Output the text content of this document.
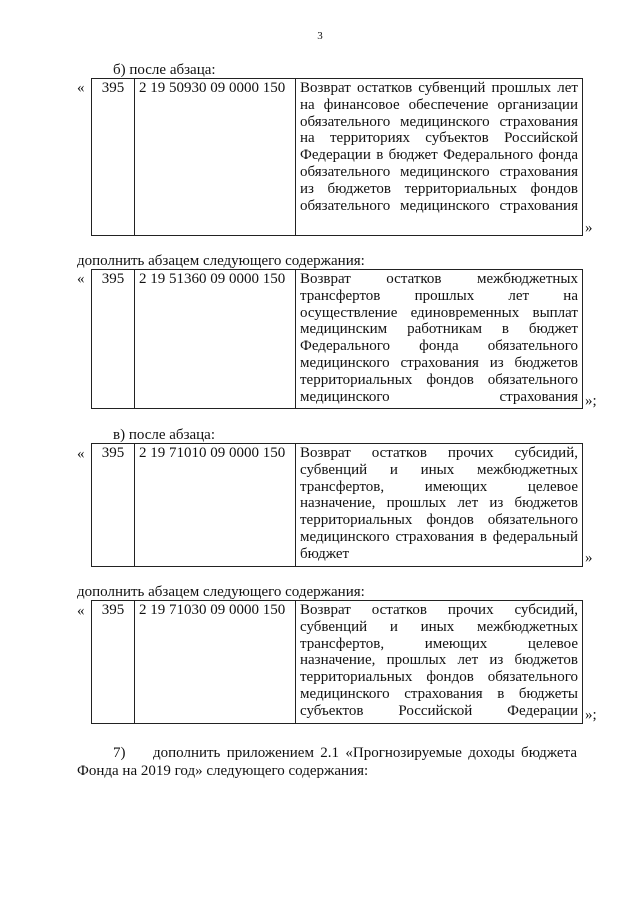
3
б) после абзаца:
« 395	2 19 50930 09 0000 150	Возврат остатков субвенций прошлых лет на финансовое обеспечение организации обязательного медицинского страхования на территориях субъектов Российской Федерации в бюджет Федерального фонда обязательного медицинского страхования из бюджетов территориальных фондов обязательного медицинского страхования
»
дополнить абзацем следующего содержания:
« 395	2 19 51360 09 0000 150	Возврат остатков межбюджетных трансфертов прошлых лет на осуществление единовременных выплат медицинским работникам в бюджет Федерального фонда обязательного медицинского страхования из бюджетов территориальных фондов обязательного медицинского страхования »;
в) после абзаца:
« 395	2 19 71010 09 0000 150	Возврат остатков прочих субсидий, субвенций и иных межбюджетных трансфертов, имеющих целевое назначение, прошлых лет из бюджетов территориальных фондов обязательного медицинского страхования в федеральный бюджет	»
дополнить абзацем следующего содержания:
« 395	2 19 71030 09 0000 150	Возврат остатков прочих субсидий, субвенций и иных межбюджетных трансфертов, имеющих целевое назначение, прошлых лет из бюджетов территориальных фондов обязательного медицинского страхования в бюджеты субъектов Российской Федерации »;
7) дополнить приложением 2.1 «Прогнозируемые доходы бюджета Фонда на 2019 год» следующего содержания:
